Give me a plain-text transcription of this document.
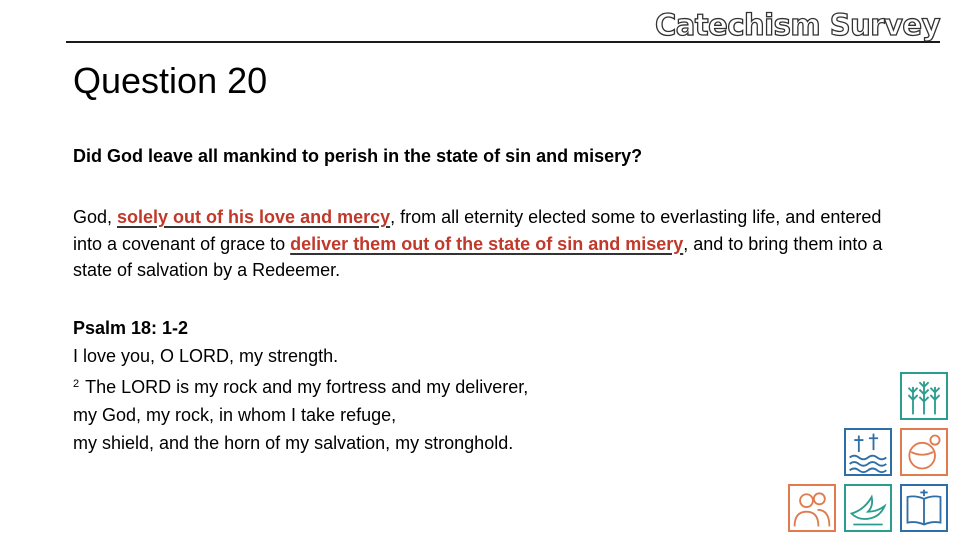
Catechism Survey
Question 20

Did God leave all mankind to perish in the state of sin and misery?

God, solely out of his love and mercy, from all eternity elected some to everlasting life, and entered into a covenant of grace to deliver them out of the state of sin and misery, and to bring them into a state of salvation by a Redeemer.

Psalm 18: 1-2
I love you, O LORD, my strength.
$^2$ The LORD is my rock and my fortress and my deliverer,
my God, my rock, in whom I take refuge,
my shield, and the horn of my salvation, my stronghold.
